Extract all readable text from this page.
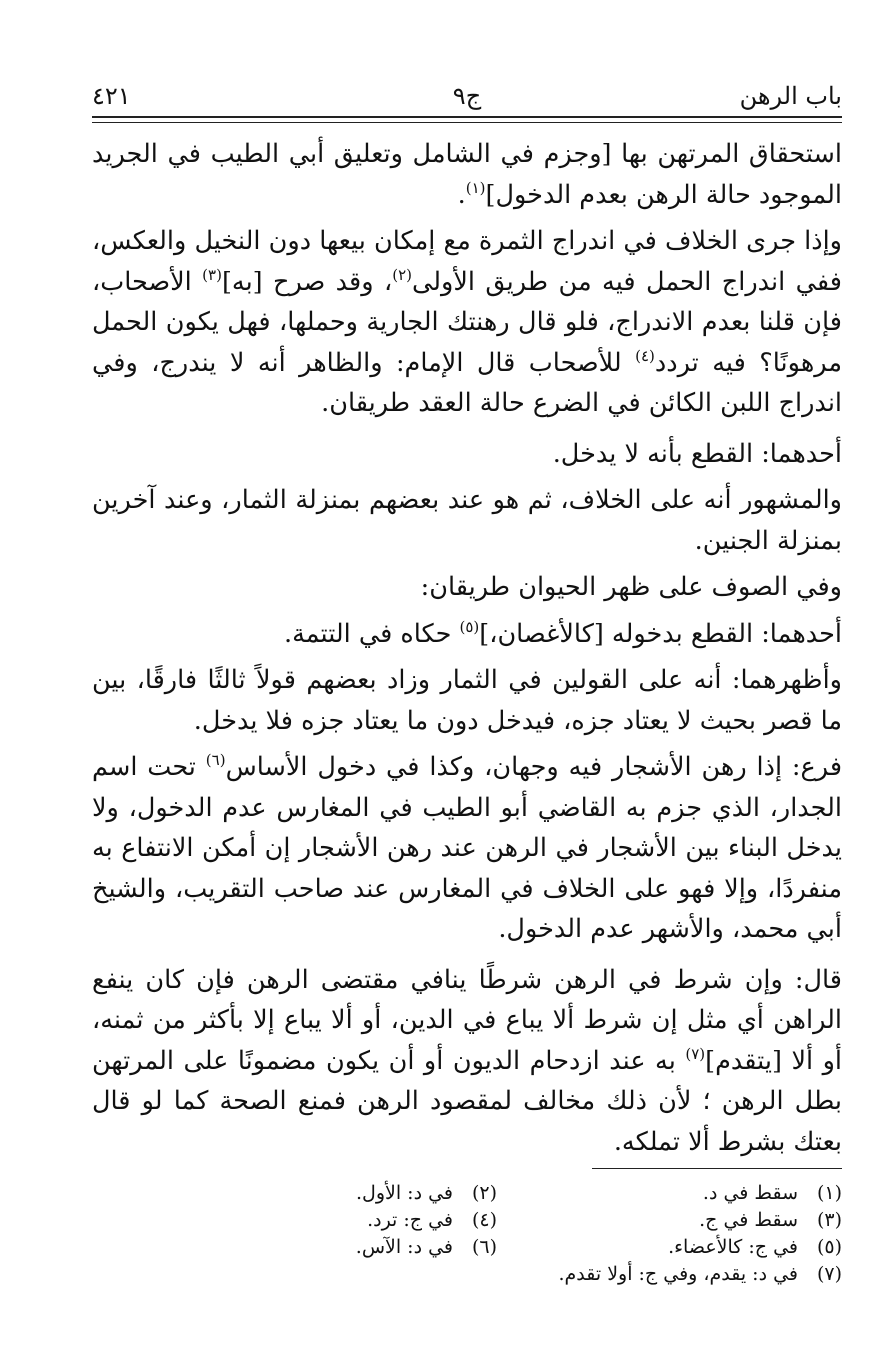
باب الرهن
ج٩
٤٢١

استحقاق المرتهن بها [وجزم في الشامل وتعليق أبي الطيب في الجريد الموجود حالة الرهن بعدم الدخول]$^{(١)}$.

وإذا جرى الخلاف في اندراج الثمرة مع إمكان بيعها دون النخيل والعكس، ففي اندراج الحمل فيه من طريق الأولى$^{(٢)}$، وقد صرح [به]$^{(٣)}$ الأصحاب، فإن قلنا بعدم الاندراج، فلو قال رهنتك الجارية وحملها، فهل يكون الحمل مرهونًا؟ فيه تردد$^{(٤)}$ للأصحاب قال الإمام: والظاهر أنه لا يندرج، وفي اندراج اللبن الكائن في الضرع حالة العقد طريقان.

أحدهما: القطع بأنه لا يدخل.

والمشهور أنه على الخلاف، ثم هو عند بعضهم بمنزلة الثمار، وعند آخرين بمنزلة الجنين.

وفي الصوف على ظهر الحيوان طريقان:

أحدهما: القطع بدخوله [كالأغصان،]$^{(٥)}$ حكاه في التتمة.

وأظهرهما: أنه على القولين في الثمار وزاد بعضهم قولاً ثالثًا فارقًا، بين ما قصر بحيث لا يعتاد جزه، فيدخل دون ما يعتاد جزه فلا يدخل.

فرع: إذا رهن الأشجار فيه وجهان، وكذا في دخول الأساس$^{(٦)}$ تحت اسم الجدار، الذي جزم به القاضي أبو الطيب في المغارس عدم الدخول، ولا يدخل البناء بين الأشجار في الرهن عند رهن الأشجار إن أمكن الانتفاع به منفردًا، وإلا فهو على الخلاف في المغارس عند صاحب التقريب، والشيخ أبي محمد، والأشهر عدم الدخول.

قال: وإن شرط في الرهن شرطًا ينافي مقتضى الرهن فإن كان ينفع الراهن أي مثل إن شرط ألا يباع في الدين، أو ألا يباع إلا بأكثر من ثمنه، أو ألا [يتقدم]$^{(٧)}$ به عند ازدحام الديون أو أن يكون مضمونًا على المرتهن بطل الرهن ؛ لأن ذلك مخالف لمقصود الرهن فمنع الصحة كما لو قال بعتك بشرط ألا تملكه.

(١)سقط في د.
(٢)في د: الأول.
(٣)سقط في ج.
(٤)في ج: ترد.
(٥)في ج: كالأعضاء.
(٦)في د: الآس.
(٧)في د: يقدم، وفي ج: أولا تقدم.
